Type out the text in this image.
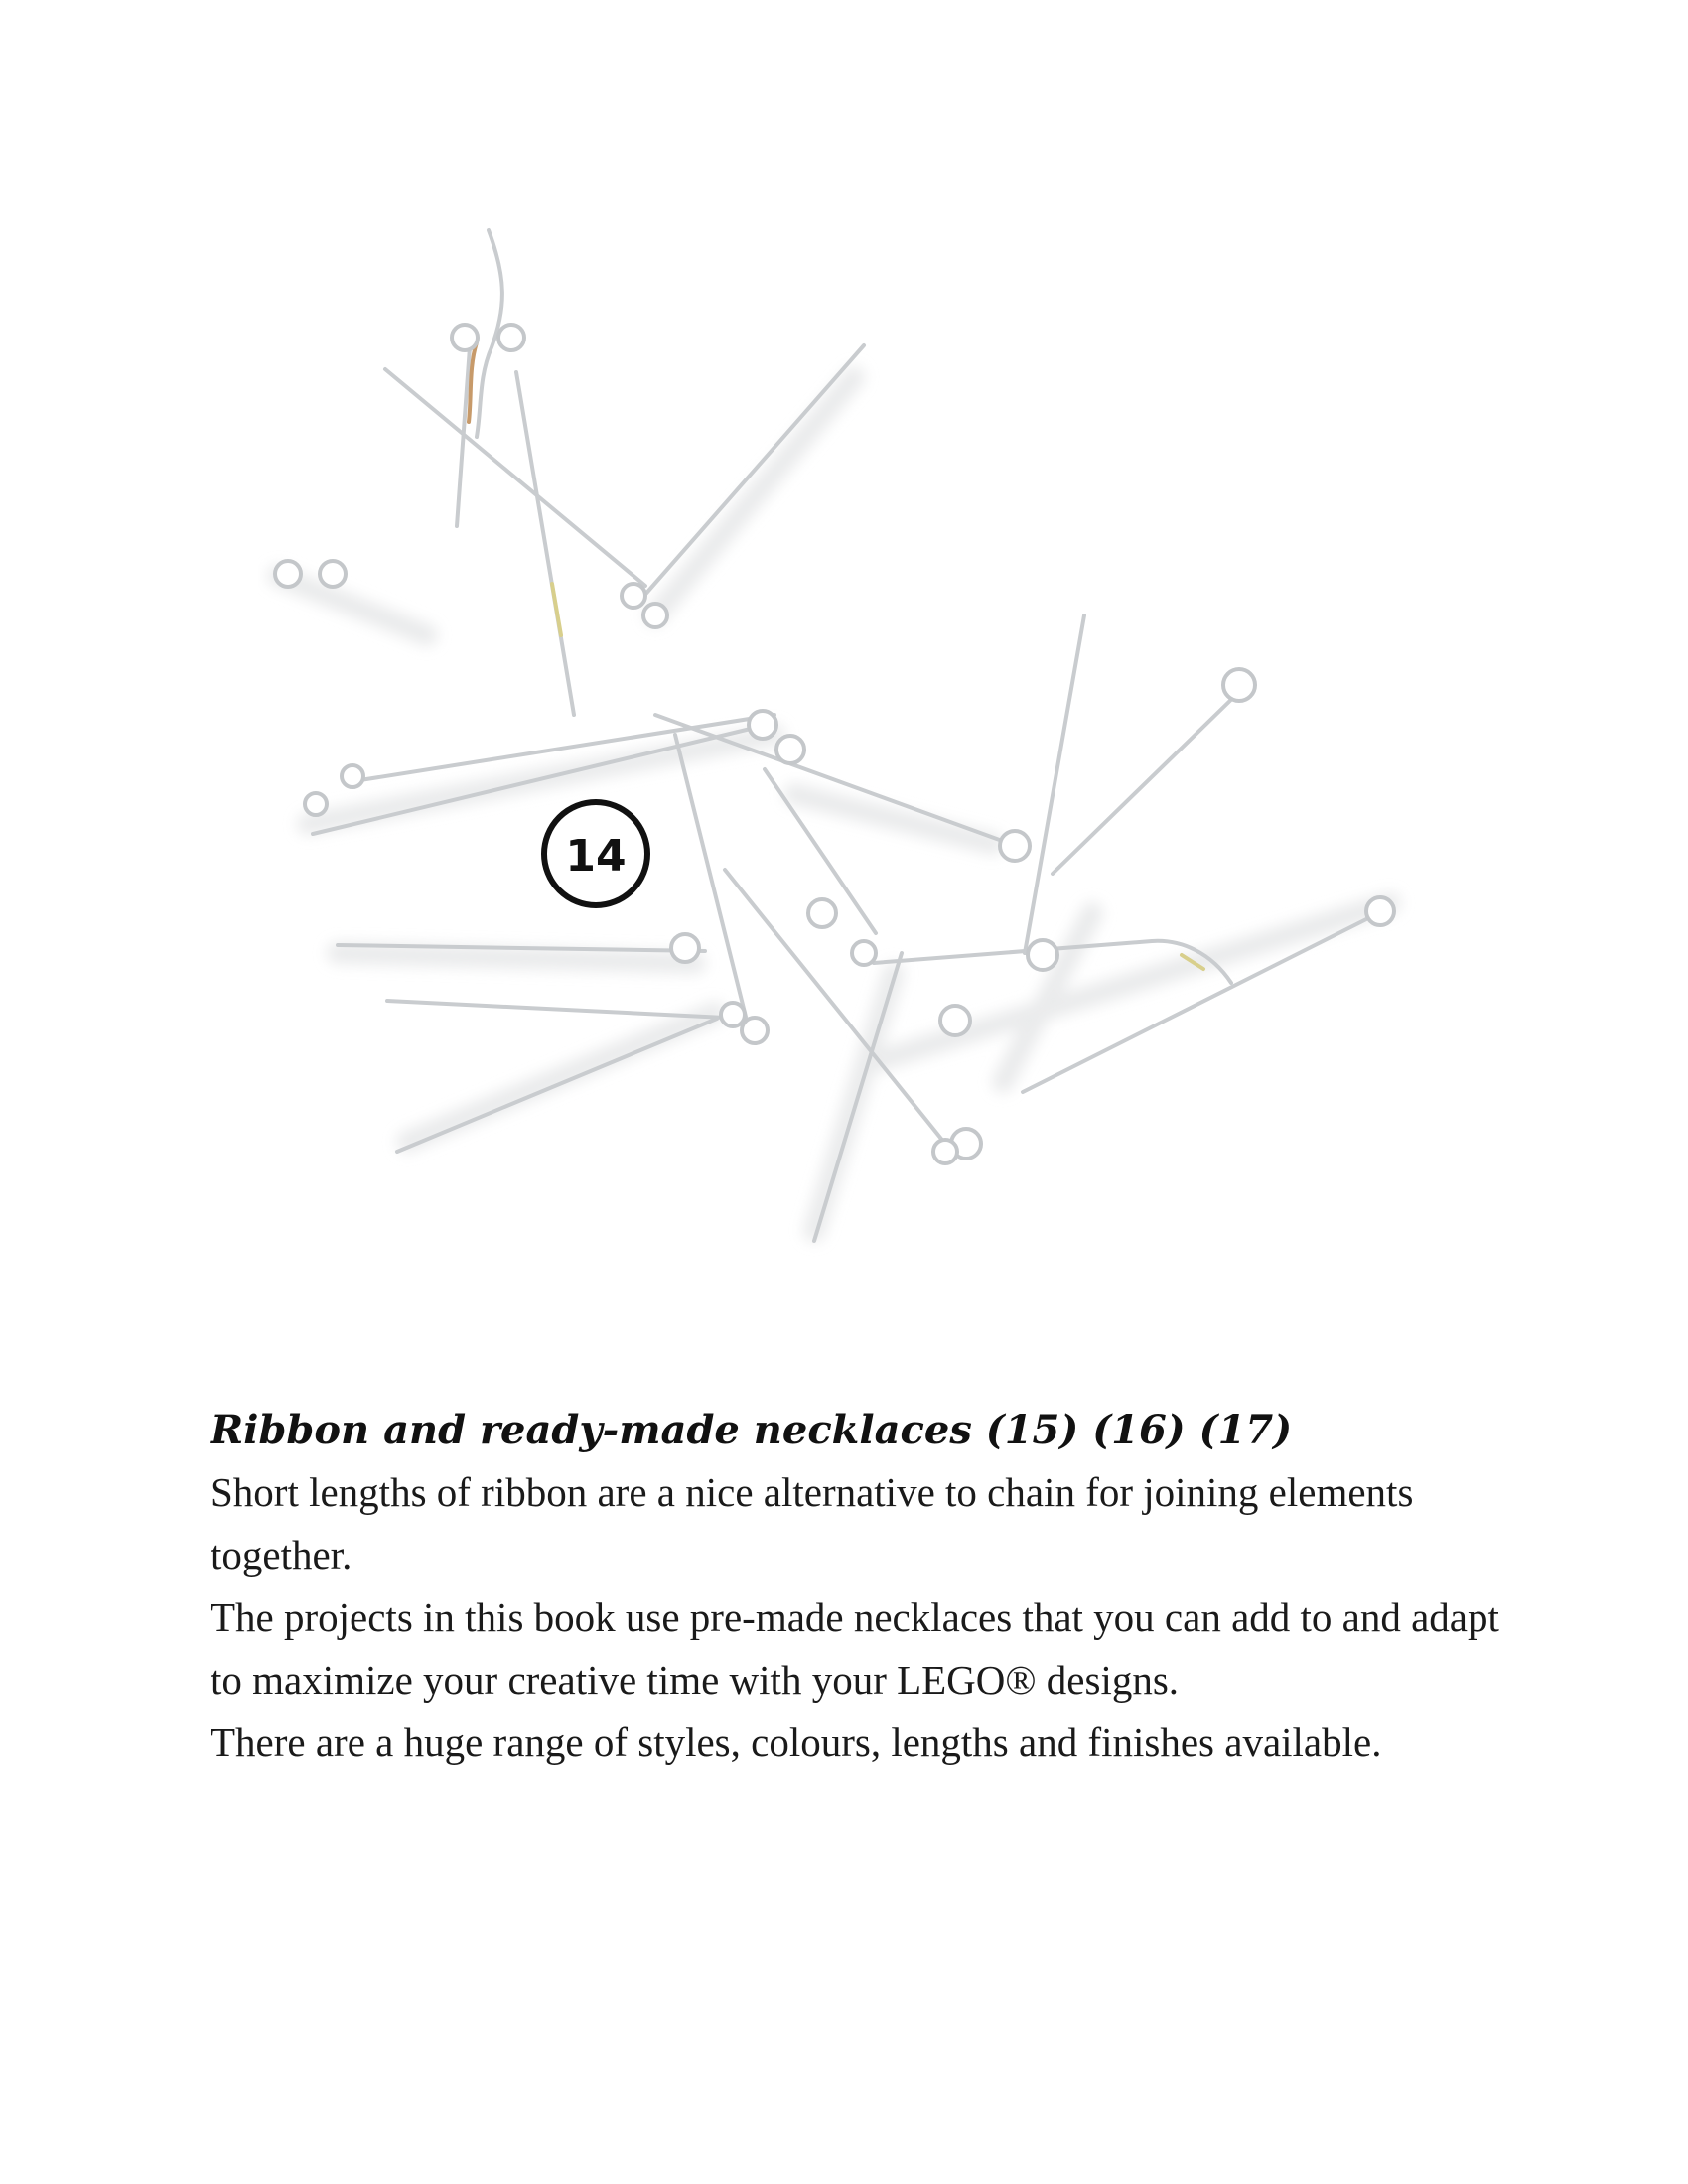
14

Ribbon and ready-made necklaces (15) (16) (17)

Short lengths of ribbon are a nice alternative to chain for joining elements together.

The projects in this book use pre-made necklaces that you can add to and adapt to maximize your creative time with your LEGO® designs.

There are a huge range of styles, colours, lengths and finishes available.
